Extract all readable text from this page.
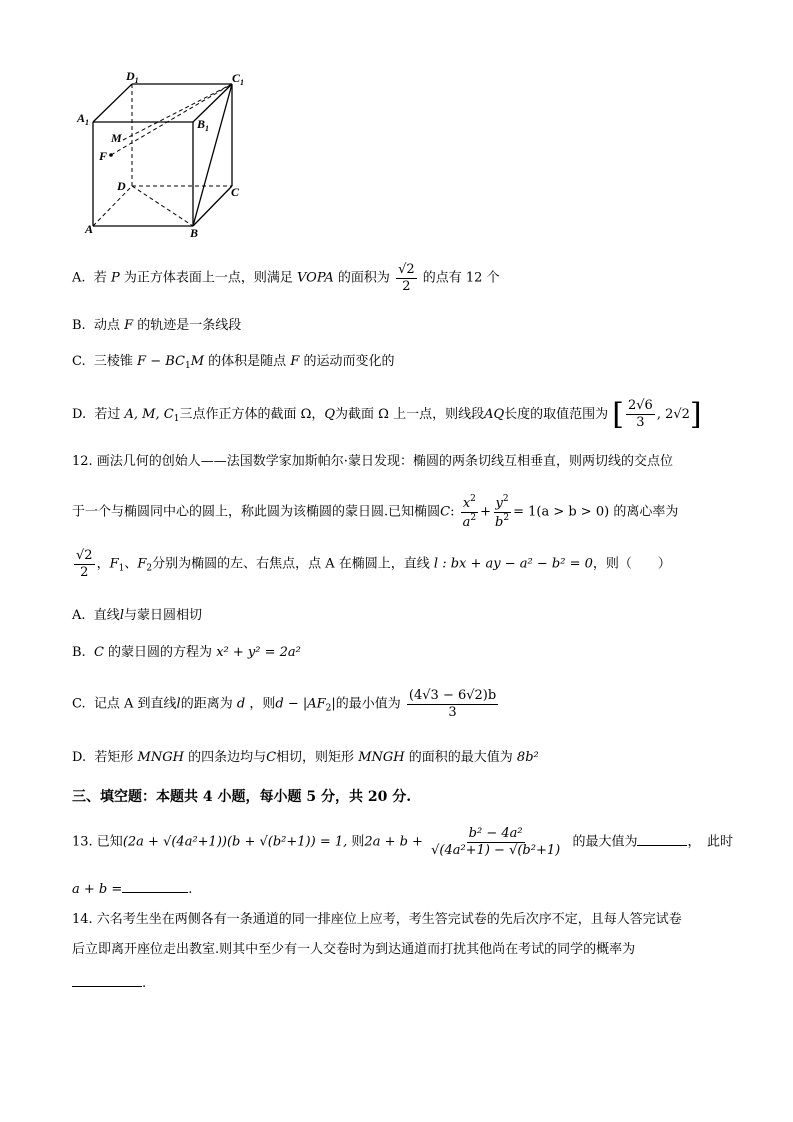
$D_1$	$C_1$
$A_1$	$B_1$
M
F
D	C
A	B
A. 若 P 为正方体表面上一点，则满足 VOPA 的面积为 $\frac{√2}{2}$ 的点有 12 个
B. 动点 F 的轨迹是一条线段
C. 三棱锥 $F - BC_1M$ 的体积是随点 F 的运动而变化的
D. 若过 A, M, $C_1$三点作正方体的截面 Ω，Q为截面 Ω 上一点，则线段AQ长度的取值范围为 [ $\frac{2√6}{3}$ , 2√2]
12. 画法几何的创始人——法国数学家加斯帕尔·蒙日发现：椭圆的两条切线互相垂直，则两切线的交点位
于一个与椭圆同中心的圆上，称此圆为该椭圆的蒙日圆.已知椭圆C: $\frac{x^2}{a^2} + \frac{y^2}{b^2} = 1(a > b > 0)$ 的离心率为
$\frac{√2}{2}$ ，$F_1$、$F_2$分别为椭圆的左、右焦点，点 A 在椭圆上，直线 l : bx + ay − a² − b² = 0，则（　　）
A. 直线l与蒙日圆相切
B. C 的蒙日圆的方程为 x² + y² = 2a²
C. 记点 A 到直线l的距离为 d ，则$d - |AF_2|$的最小值为 $\frac{(4√3 - 6√2)b}{3}$
D. 若矩形 MNGH 的四条边均与C相切，则矩形 MNGH 的面积的最大值为 8b²
三、填空题：本题共 4 小题，每小题 5 分，共 20 分.
13. 已知(2a + √(4a²+1))(b + √(b²+1)) = 1, 则$2a + b + \frac{\text{b² − 4a²}}{\text{√(4a²+1) − √(b²+1)}}$ 的最大值为	，　此时
a + b =	.
14. 六名考生坐在两侧各有一条通道的同一排座位上应考，考生答完试卷的先后次序不定，且每人答完试卷
后立即离开座位走出教室.则其中至少有一人交卷时为到达通道而打扰其他尚在考试的同学的概率为
.
